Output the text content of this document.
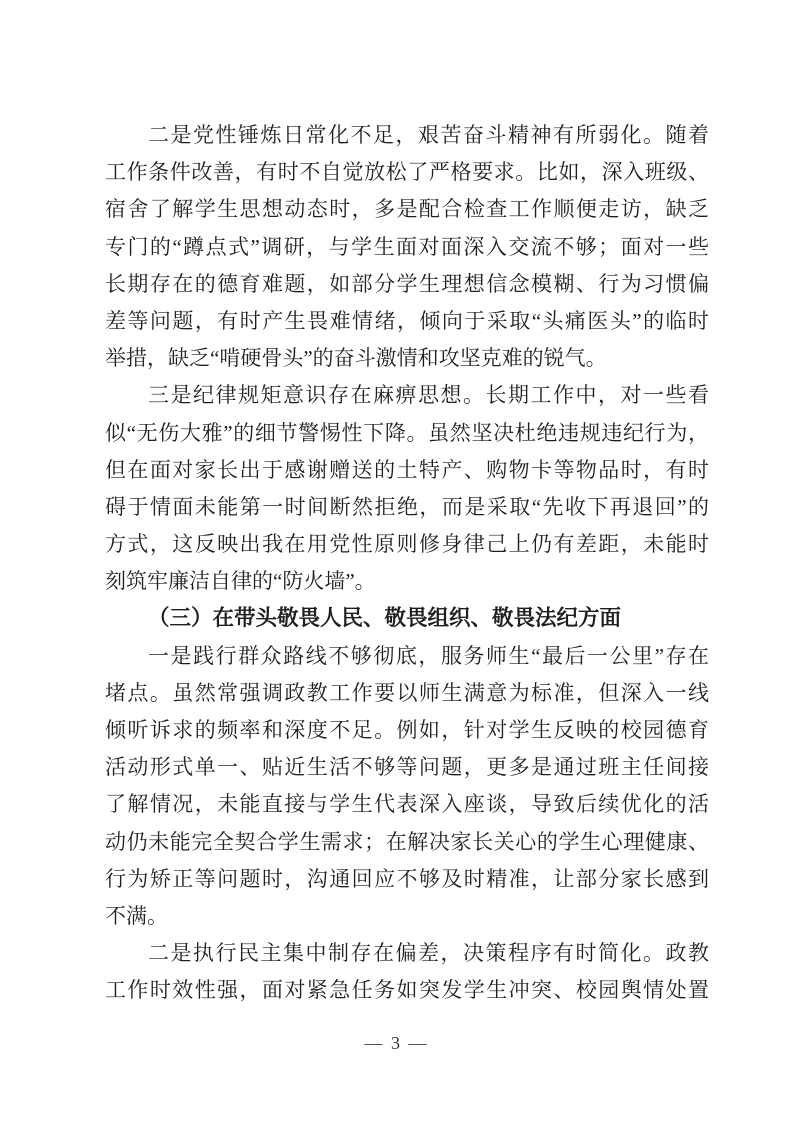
二是党性锤炼日常化不足，艰苦奋斗精神有所弱化。随着
工作条件改善，有时不自觉放松了严格要求。比如，深入班级、
宿舍了解学生思想动态时，多是配合检查工作顺便走访，缺乏
专门的“蹲点式”调研，与学生面对面深入交流不够；面对一些
长期存在的德育难题，如部分学生理想信念模糊、行为习惯偏
差等问题，有时产生畏难情绪，倾向于采取“头痛医头”的临时
举措，缺乏“啃硬骨头”的奋斗激情和攻坚克难的锐气。
三是纪律规矩意识存在麻痹思想。长期工作中，对一些看
似“无伤大雅”的细节警惕性下降。虽然坚决杜绝违规违纪行为，
但在面对家长出于感谢赠送的土特产、购物卡等物品时，有时
碍于情面未能第一时间断然拒绝，而是采取“先收下再退回”的
方式，这反映出我在用党性原则修身律己上仍有差距，未能时
刻筑牢廉洁自律的“防火墙”。
（三）在带头敬畏人民、敬畏组织、敬畏法纪方面
一是践行群众路线不够彻底，服务师生“最后一公里”存在
堵点。虽然常强调政教工作要以师生满意为标准，但深入一线
倾听诉求的频率和深度不足。例如，针对学生反映的校园德育
活动形式单一、贴近生活不够等问题，更多是通过班主任间接
了解情况，未能直接与学生代表深入座谈，导致后续优化的活
动仍未能完全契合学生需求；在解决家长关心的学生心理健康、
行为矫正等问题时，沟通回应不够及时精准，让部分家长感到
不满。
二是执行民主集中制存在偏差，决策程序有时简化。政教
工作时效性强，面对紧急任务如突发学生冲突、校园舆情处置
— 3 —
